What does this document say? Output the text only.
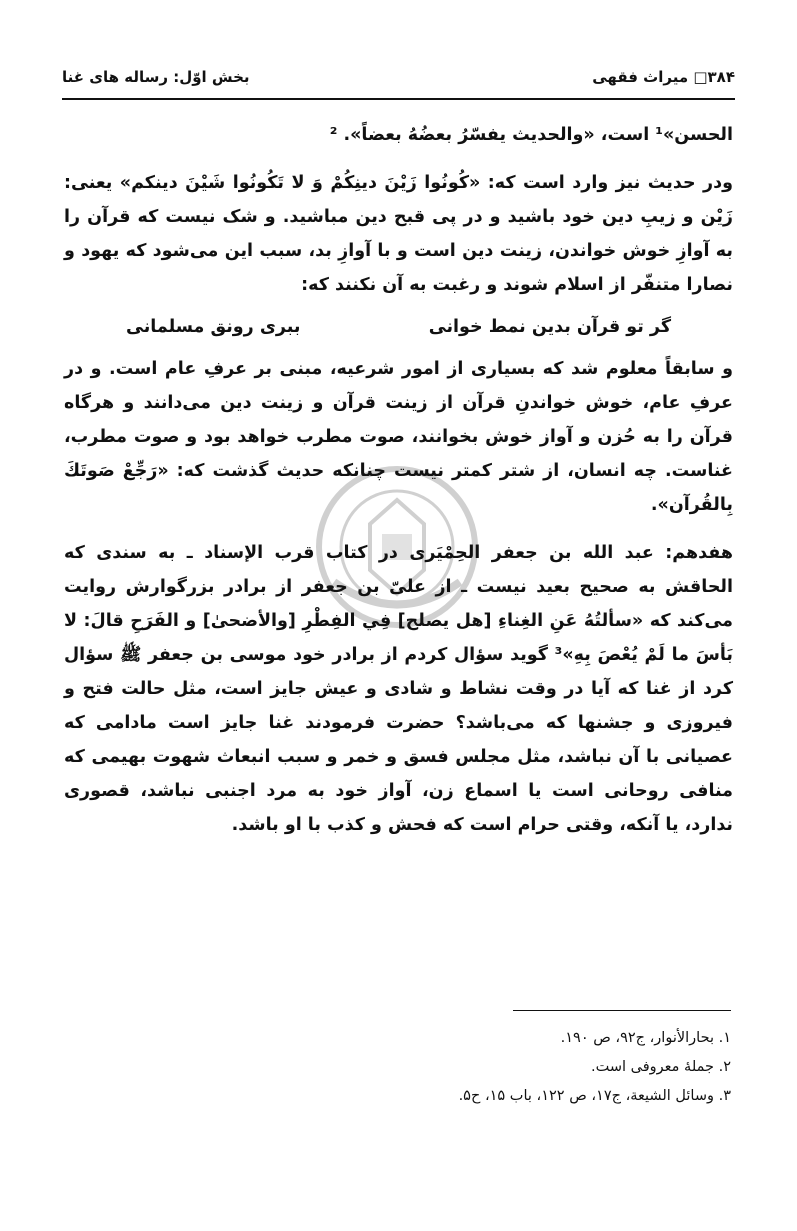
۳۸۴□ میراث فقهی
بخش اوّل: رساله های غنا

الحسن»¹ است، «والحدیث یفسّرُ بعضُهُ بعضاً». ²

ودر حدیث نیز وارد است که: «کُونُوا زَیْنَ دینِکُمْ وَ لا تَکُونُوا شَیْنَ دینکم» یعنی: زَیْن و زیبِ دین خود باشید و در پی قبح دین مباشید. و شک نیست که قرآن را به آوازِ خوش خواندن، زینت دین است و با آوازِ بد، سبب این می‌شود که یهود و نصارا متنفّر از اسلام شوند و رغبت به آن نکنند که:

گر تو قرآن بدین نمط خوانی
ببری رونق مسلمانی

و سابقاً معلوم شد که بسیاری از امور شرعیه، مبنی بر عرفِ عام است. و در عرفِ عام، خوش خواندنِ قرآن از زینت قرآن و زینت دین می‌دانند و هرگاه قرآن را به حُزن و آواز خوش بخوانند، صوت مطرب خواهد بود و صوت مطرب، غناست. چه انسان، از شتر کمتر نیست چنانکه حدیث گذشت که: «رَجِّعْ صَوتَكَ بِالقُرآن».

هفدهم: عبد الله بن جعفر الحِمْیَری در کتاب قرب الإسناد ـ به سندی که الحاقش به صحیح بعید نیست ـ از علیّ بن جعفر از برادر بزرگوارش روایت می‌کند که «سألتُهُ عَنِ الغِناءِ [هل یصلح] فِي الفِطْرِ [والأضحیٰ] و الفَرَحِ قالَ: لا بَأسَ ما لَمْ یُعْصَ بِهِ»³ گوید سؤال کردم از برادر خود موسی بن جعفر ﷺ سؤال کرد از غنا که آیا در وقت نشاط و شادی و عیش جایز است، مثل حالت فتح و فیروزی و جشنها که می‌باشد؟ حضرت فرمودند غنا جایز است مادامی که عصیانی با آن نباشد، مثل مجلس فسق و خمر و سبب انبعاث شهوت بهیمی که منافی روحانی است یا اسماع زن، آواز خود به مرد اجنبی نباشد، قصوری ندارد، یا آنکه، وقتی حرام است که فحش و کذب با او باشد.

۱. بحارالأنوار، ج۹۲، ص ۱۹۰.
۲. جملهٔ معروفی است.
۳. وسائل الشیعة، ج۱۷، ص ۱۲۲، باب ۱۵، ح۵.
